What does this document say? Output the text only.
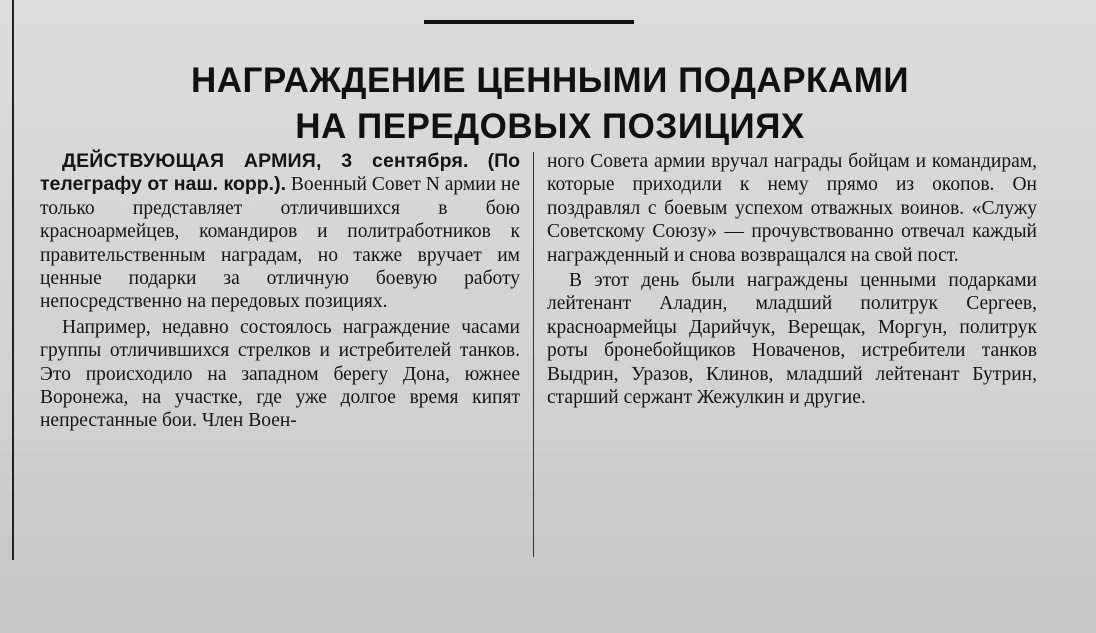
НАГРАЖДЕНИЕ ЦЕННЫМИ ПОДАРКАМИ
НА ПЕРЕДОВЫХ ПОЗИЦИЯХ

ДЕЙСТВУЮЩАЯ АРМИЯ, 3 сентября. (По телеграфу от наш. корр.). Военный Совет N армии не только представляет отличившихся в бою красноармейцев, командиров и политработников к правительственным наградам, но также вручает им ценные подарки за отличную боевую работу непосредственно на передовых позициях.

Например, недавно состоялось награждение часами группы отличившихся стрелков и истребителей танков. Это происходило на западном берегу Дона, южнее Воронежа, на участке, где уже долгое время кипят непрестанные бои. Член Воен-

ного Совета армии вручал награды бойцам и командирам, которые приходили к нему прямо из окопов. Он поздравлял с боевым успехом отважных воинов. «Служу Советскому Союзу» — прочувствованно отвечал каждый награжденный и снова возвращался на свой пост.

В этот день были награждены ценными подарками лейтенант Аладин, младший политрук Сергеев, красноармейцы Дарийчук, Верещак, Моргун, политрук роты бронебойщиков Новаченов, истребители танков Выдрин, Уразов, Клинов, младший лейтенант Бутрин, старший сержант Жежулкин и другие.
